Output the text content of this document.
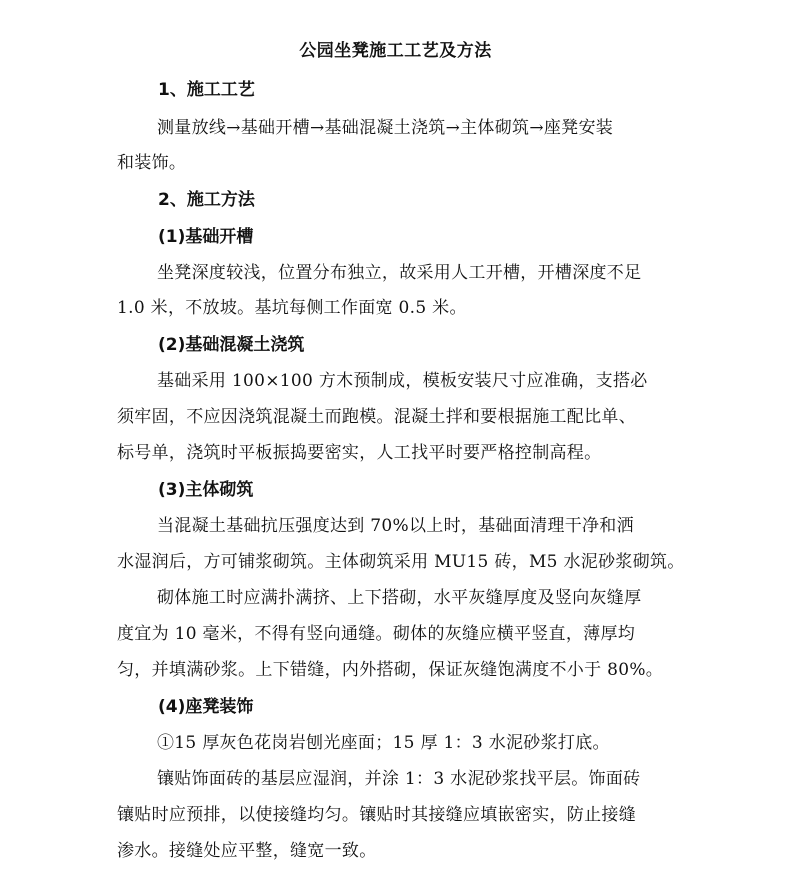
公园坐凳施工工艺及方法
1、施工工艺
测量放线→基础开槽→基础混凝土浇筑→主体砌筑→座凳安装
和装饰。
2、施工方法
(1)基础开槽
坐凳深度较浅，位置分布独立，故采用人工开槽，开槽深度不足
1.0 米，不放坡。基坑每侧工作面宽 0.5 米。
(2)基础混凝土浇筑
基础采用 100×100 方木预制成，模板安装尺寸应准确，支搭必
须牢固，不应因浇筑混凝土而跑模。混凝土拌和要根据施工配比单、
标号单，浇筑时平板振捣要密实，人工找平时要严格控制高程。
(3)主体砌筑
当混凝土基础抗压强度达到 70%以上时，基础面清理干净和洒
水湿润后，方可铺浆砌筑。主体砌筑采用 MU15 砖，M5 水泥砂浆砌筑。
砌体施工时应满扑满挤、上下搭砌，水平灰缝厚度及竖向灰缝厚
度宜为 10 毫米，不得有竖向通缝。砌体的灰缝应横平竖直，薄厚均
匀，并填满砂浆。上下错缝，内外搭砌，保证灰缝饱满度不小于 80%。
(4)座凳装饰
①15 厚灰色花岗岩刨光座面；15 厚 1：3 水泥砂浆打底。
镶贴饰面砖的基层应湿润，并涂 1：3 水泥砂浆找平层。饰面砖
镶贴时应预排，以使接缝均匀。镶贴时其接缝应填嵌密实，防止接缝
渗水。接缝处应平整，缝宽一致。
